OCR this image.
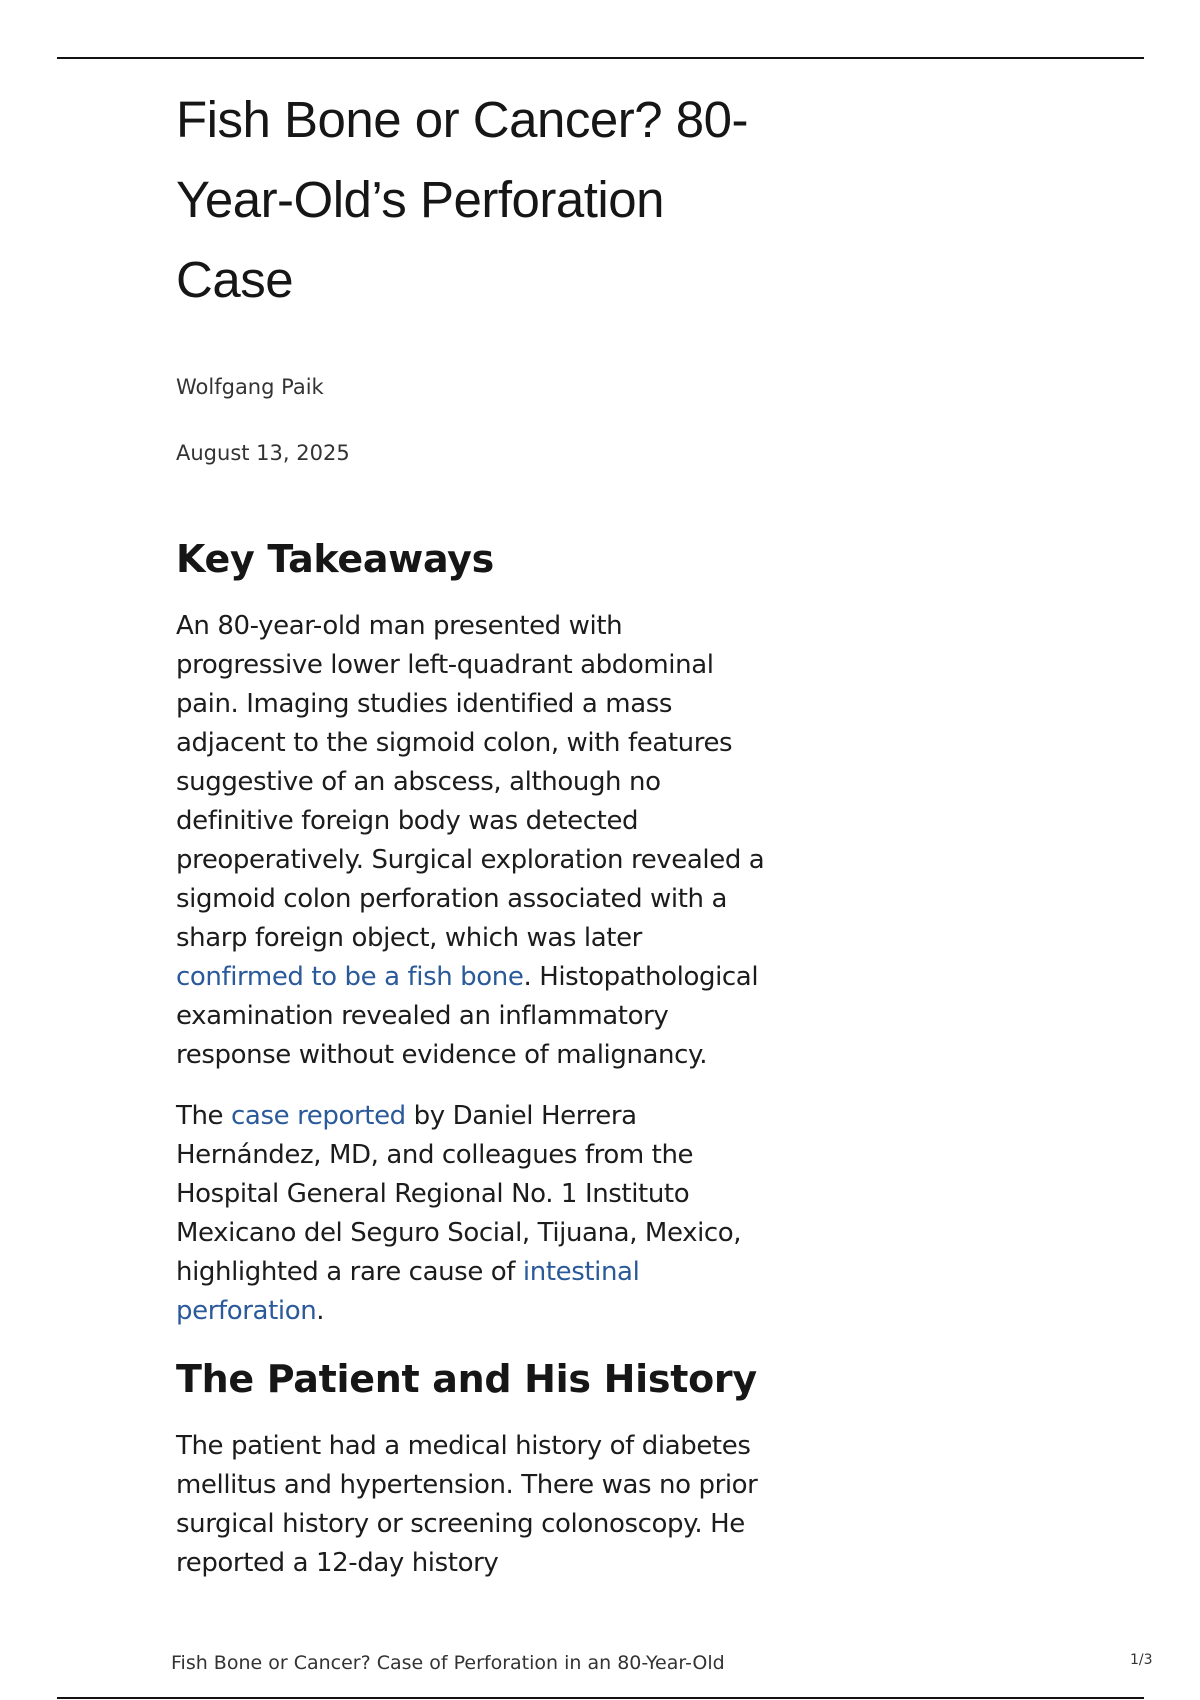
Fish Bone or Cancer? 80-Year-Old’s Perforation Case
Wolfgang Paik
August 13, 2025
Key Takeaways

An 80-year-old man presented with progressive lower left-quadrant abdominal pain. Imaging studies identified a mass adjacent to the sigmoid colon, with features suggestive of an abscess, although no definitive foreign body was detected preoperatively. Surgical exploration revealed a sigmoid colon perforation associated with a sharp foreign object, which was later confirmed to be a fish bone. Histopathological examination revealed an inflammatory response without evidence of malignancy.

The case reported by Daniel Herrera Hernández, MD, and colleagues from the Hospital General Regional No. 1 Instituto Mexicano del Seguro Social, Tijuana, Mexico, highlighted a rare cause of intestinal perforation.

The Patient and His History

The patient had a medical history of diabetes mellitus and hypertension. There was no prior surgical history or screening colonoscopy. He reported a 12-day history

Fish Bone or Cancer? Case of Perforation in an 80-Year-Old	1/3
